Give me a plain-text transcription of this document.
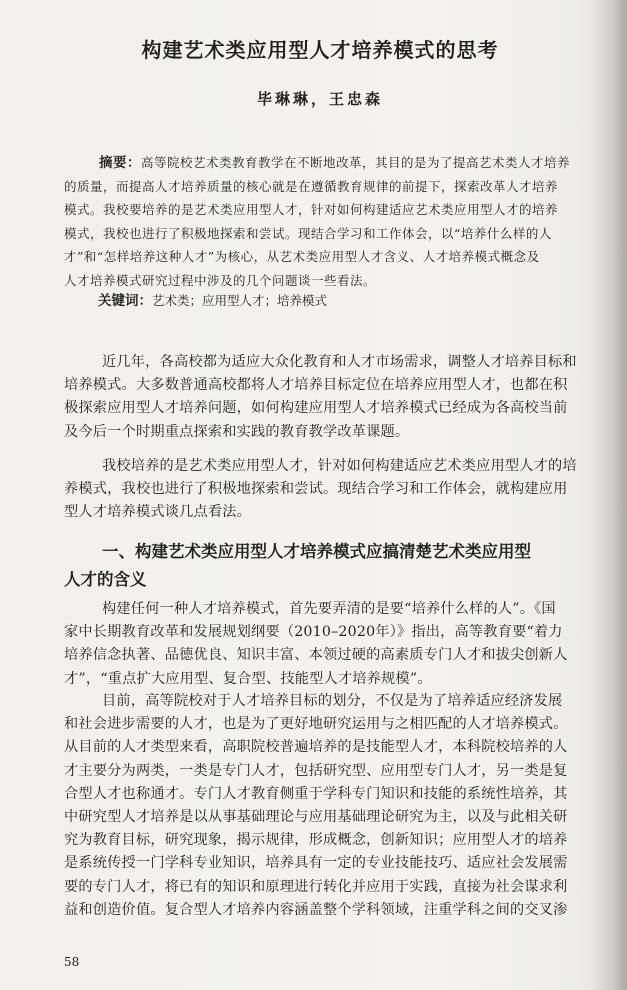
构建艺术类应用型人才培养模式的思考
毕琳琳，王忠森
摘要：高等院校艺术类教育教学在不断地改革，其目的是为了提高艺术类人才培养
的质量，而提高人才培养质量的核心就是在遵循教育规律的前提下，探索改革人才培养
模式。我校要培养的是艺术类应用型人才，针对如何构建适应艺术类应用型人才的培养
模式，我校也进行了积极地探索和尝试。现结合学习和工作体会，以“培养什么样的人
才”和“怎样培养这种人才”为核心，从艺术类应用型人才含义、人才培养模式概念及
人才培养模式研究过程中涉及的几个问题谈一些看法。
关键词：艺术类；应用型人才；培养模式
近几年，各高校都为适应大众化教育和人才市场需求，调整人才培养目标和
培养模式。大多数普通高校都将人才培养目标定位在培养应用型人才，也都在积
极探索应用型人才培养问题，如何构建应用型人才培养模式已经成为各高校当前
及今后一个时期重点探索和实践的教育教学改革课题。
我校培养的是艺术类应用型人才，针对如何构建适应艺术类应用型人才的培
养模式，我校也进行了积极地探索和尝试。现结合学习和工作体会，就构建应用
型人才培养模式谈几点看法。
一、构建艺术类应用型人才培养模式应搞清楚艺术类应用型
人才的含义
构建任何一种人才培养模式，首先要弄清的是要“培养什么样的人”。《国
家中长期教育改革和发展规划纲要（2010–2020年）》指出，高等教育要“着力
培养信念执著、品德优良、知识丰富、本领过硬的高素质专门人才和拔尖创新人
才”，“重点扩大应用型、复合型、技能型人才培养规模”。
目前，高等院校对于人才培养目标的划分，不仅是为了培养适应经济发展
和社会进步需要的人才，也是为了更好地研究运用与之相匹配的人才培养模式。
从目前的人才类型来看，高职院校普遍培养的是技能型人才，本科院校培养的人
才主要分为两类，一类是专门人才，包括研究型、应用型专门人才，另一类是复
合型人才也称通才。专门人才教育侧重于学科专门知识和技能的系统性培养，其
中研究型人才培养是以从事基础理论与应用基础理论研究为主，以及与此相关研
究为教育目标，研究现象，揭示规律，形成概念，创新知识；应用型人才的培养
是系统传授一门学科专业知识，培养具有一定的专业技能技巧、适应社会发展需
要的专门人才，将已有的知识和原理进行转化并应用于实践，直接为社会谋求利
益和创造价值。复合型人才培养内容涵盖整个学科领域，注重学科之间的交叉渗
58
